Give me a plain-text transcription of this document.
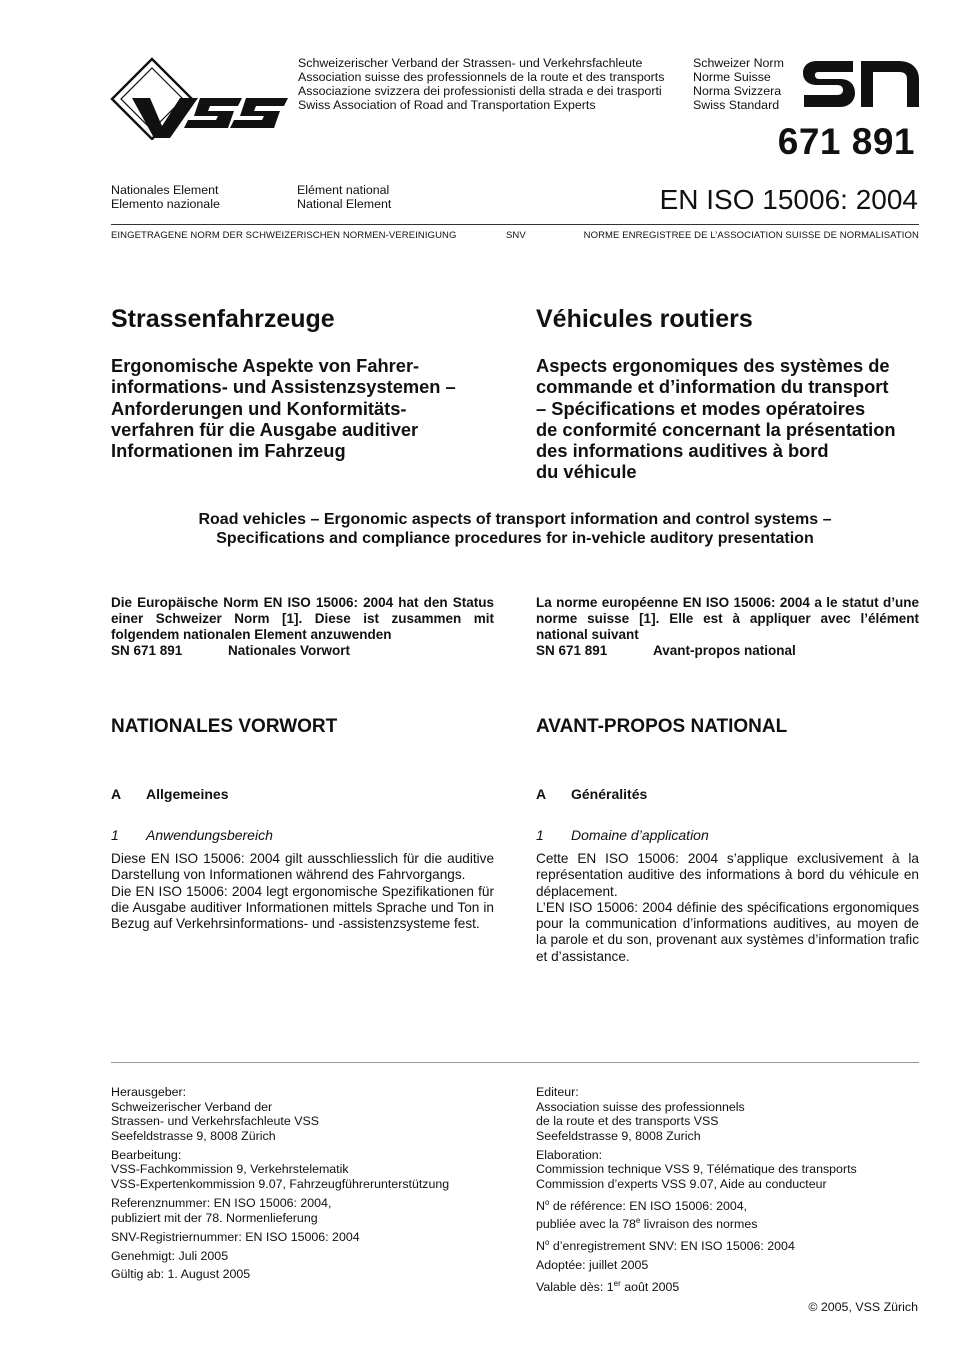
Schweizerischer Verband der Strassen- und Verkehrsfachleute
Association suisse des professionnels de la route et des transports
Associazione svizzera dei professionisti della strada e dei trasporti
Swiss Association of Road and Transportation Experts
Schweizer Norm
Norme Suisse
Norma Svizzera
Swiss Standard
671 891
Nationales Element
Elemento nazionale
Elément national
National Element	EN ISO 15006: 2004
EINGETRAGENE NORM DER SCHWEIZERISCHEN NORMEN-VEREINIGUNG	SNV	NORME ENREGISTREE DE L’ASSOCIATION SUISSE DE NORMALISATION
Strassenfahrzeuge
Ergonomische Aspekte von Fahrer-
informations- und Assistenzsystemen –
Anforderungen und Konformitäts-
verfahren für die Ausgabe auditiver
Informationen im Fahrzeug
Véhicules routiers
Aspects ergonomiques des systèmes de
commande et d’information du transport
– Spécifications et modes opératoires
de conformité concernant la présentation
des informations auditives à bord
du véhicule
Road vehicles – Ergonomic aspects of transport information and control systems –
Specifications and compliance procedures for in-vehicle auditory presentation
Die Europäische Norm EN ISO 15006: 2004 hat den Status einer Schweizer Norm [1]. Diese ist zusammen mit folgendem nationalen Element anzuwenden
SN 671 891	Nationales Vorwort
La norme européenne EN ISO 15006: 2004 a le statut d’une norme suisse [1]. Elle est à appliquer avec l’élément national suivant
SN 671 891	Avant-propos national
NATIONALES VORWORT	AVANT-PROPOS NATIONAL
A Allgemeines	A Généralités
1 Anwendungsbereich	1 Domaine d’application

Diese EN ISO 15006: 2004 gilt ausschliesslich für die auditive Darstellung von Informationen während des Fahrvorgangs.

Die EN ISO 15006: 2004 legt ergonomische Spezifikationen für die Ausgabe auditiver Informationen mittels Sprache und Ton in Bezug auf Verkehrsinformations- und -assistenzsysteme fest.

Cette EN ISO 15006: 2004 s’applique exclusivement à la représentation auditive des informations à bord du véhicule en déplacement.

L’EN ISO 15006: 2004 définie des spécifications ergonomiques pour la communication d’informations auditives, au moyen de la parole et du son, provenant aux systèmes d’information trafic et d’assistance.

Herausgeber:
Schweizerischer Verband der
Strassen- und Verkehrsfachleute VSS
Seefeldstrasse 9, 8008 Zürich

Bearbeitung:
VSS-Fachkommission 9, Verkehrstelematik
VSS-Expertenkommission 9.07, Fahrzeugführerunterstützung

Referenznummer: EN ISO 15006: 2004,
publiziert mit der 78. Normenlieferung

SNV-Registriernummer: EN ISO 15006: 2004

Genehmigt: Juli 2005

Gültig ab: 1. August 2005

Editeur:
Association suisse des professionnels
de la route et des transports VSS
Seefeldstrasse 9, 8008 Zurich

Elaboration:
Commission technique VSS 9, Télématique des transports
Commission d’experts VSS 9.07, Aide au conducteur

$N^o$ de référence: EN ISO 15006: 2004,
publiée avec la 78e livraison des normes

$N^o$ d’enregistrement SNV: EN ISO 15006: 2004

Adoptée: juillet 2005

Valable dès: 1er août 2005

© 2005, VSS Zürich
